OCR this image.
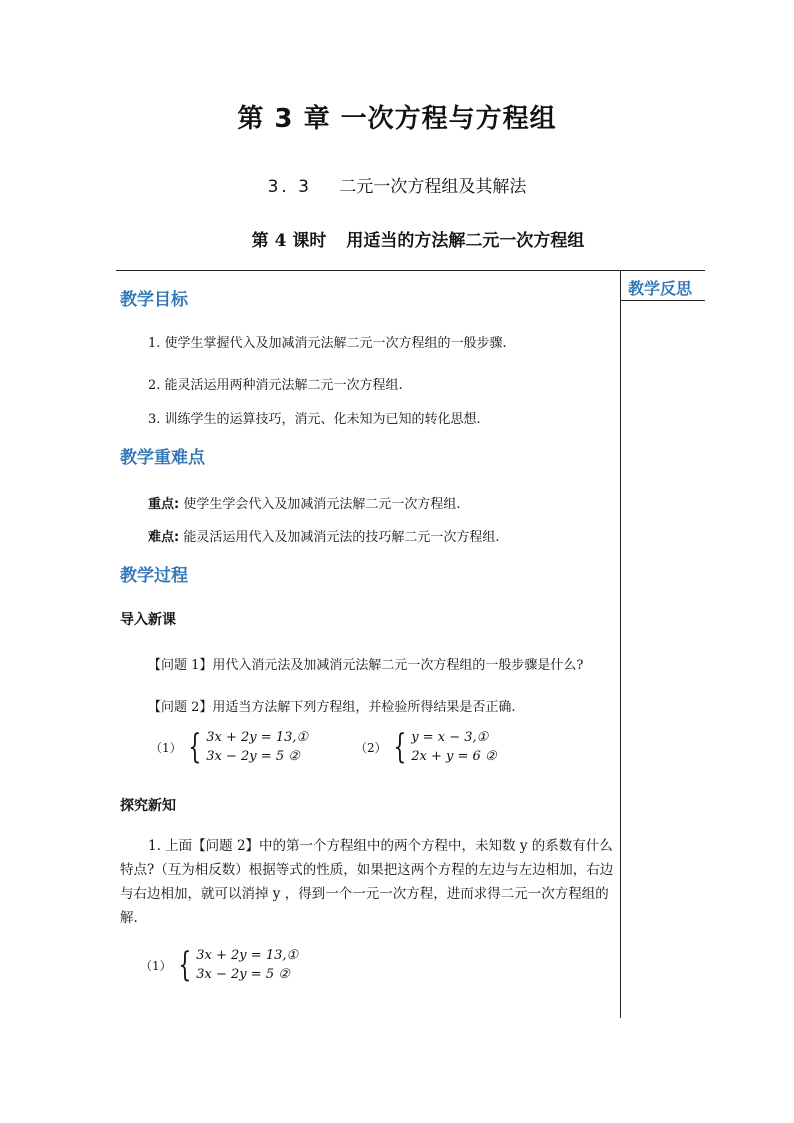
第 3 章 一次方程与方程组
3. 3 二元一次方程组及其解法
第 4 课时 用适当的方法解二元一次方程组
教学反思
教学目标
1. 使学生掌握代入及加减消元法解二元一次方程组的一般步骤.
2. 能灵活运用两种消元法解二元一次方程组.
3. 训练学生的运算技巧，消元、化未知为已知的转化思想.
教学重难点
重点: 使学生学会代入及加减消元法解二元一次方程组.
难点: 能灵活运用代入及加减消元法的技巧解二元一次方程组.
教学过程
导入新课
【问题 1】用代入消元法及加减消元法解二元一次方程组的一般步骤是什么?
【问题 2】用适当方法解下列方程组，并检验所得结果是否正确.
（1） { 3x + 2y = 13,①
3x − 2y = 5 ②
（2） { y = x − 3,①
2x + y = 6 ②
探究新知
1. 上面【问题 2】中的第一个方程组中的两个方程中，未知数 y 的系数有什么特点?（互为相反数）根据等式的性质，如果把这两个方程的左边与左边相加，右边与右边相加，就可以消掉 y ，得到一个一元一次方程，进而求得二元一次方程组的解.
（1） { 3x + 2y = 13,①
3x − 2y = 5 ②
